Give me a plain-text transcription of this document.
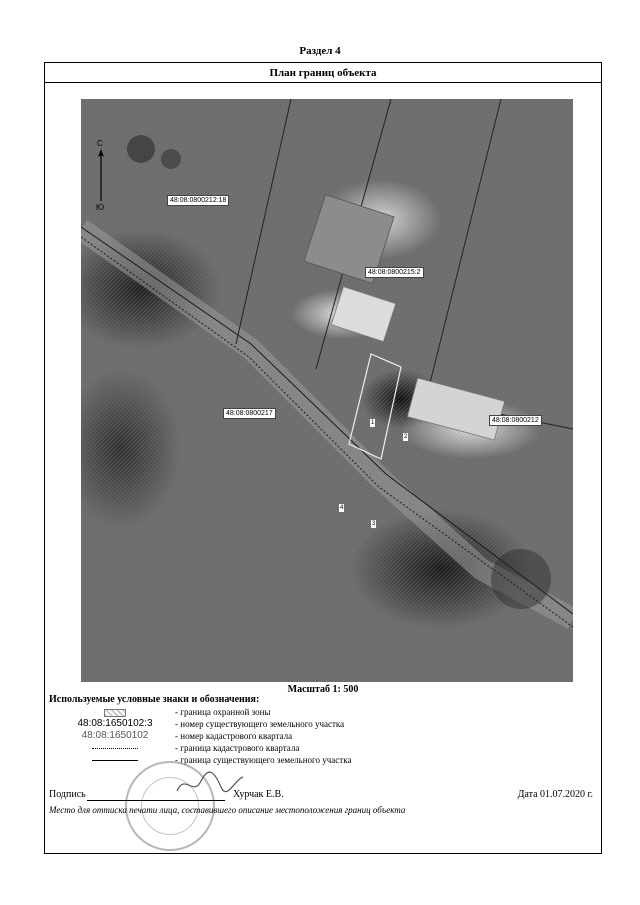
Раздел 4
План границ объекта
С
Ю
48:08:0800212:18
48:08:0800215:2
48:08:0800217
48:08:0800212
1
2
3
4
Масштаб 1: 500
Используемые условные знаки и обозначения:
- граница охранной зоны
48:08:1650102:3	- номер существующего земельного участка
48:08:1650102	- номер кадастрового квартала
- граница кадастрового квартала
- граница существующего земельного участка
Подпись	Хурчак Е.В.	Дата 01.07.2020 г.
Место для оттиска печати лица, составившего описание местоположения границ объекта
